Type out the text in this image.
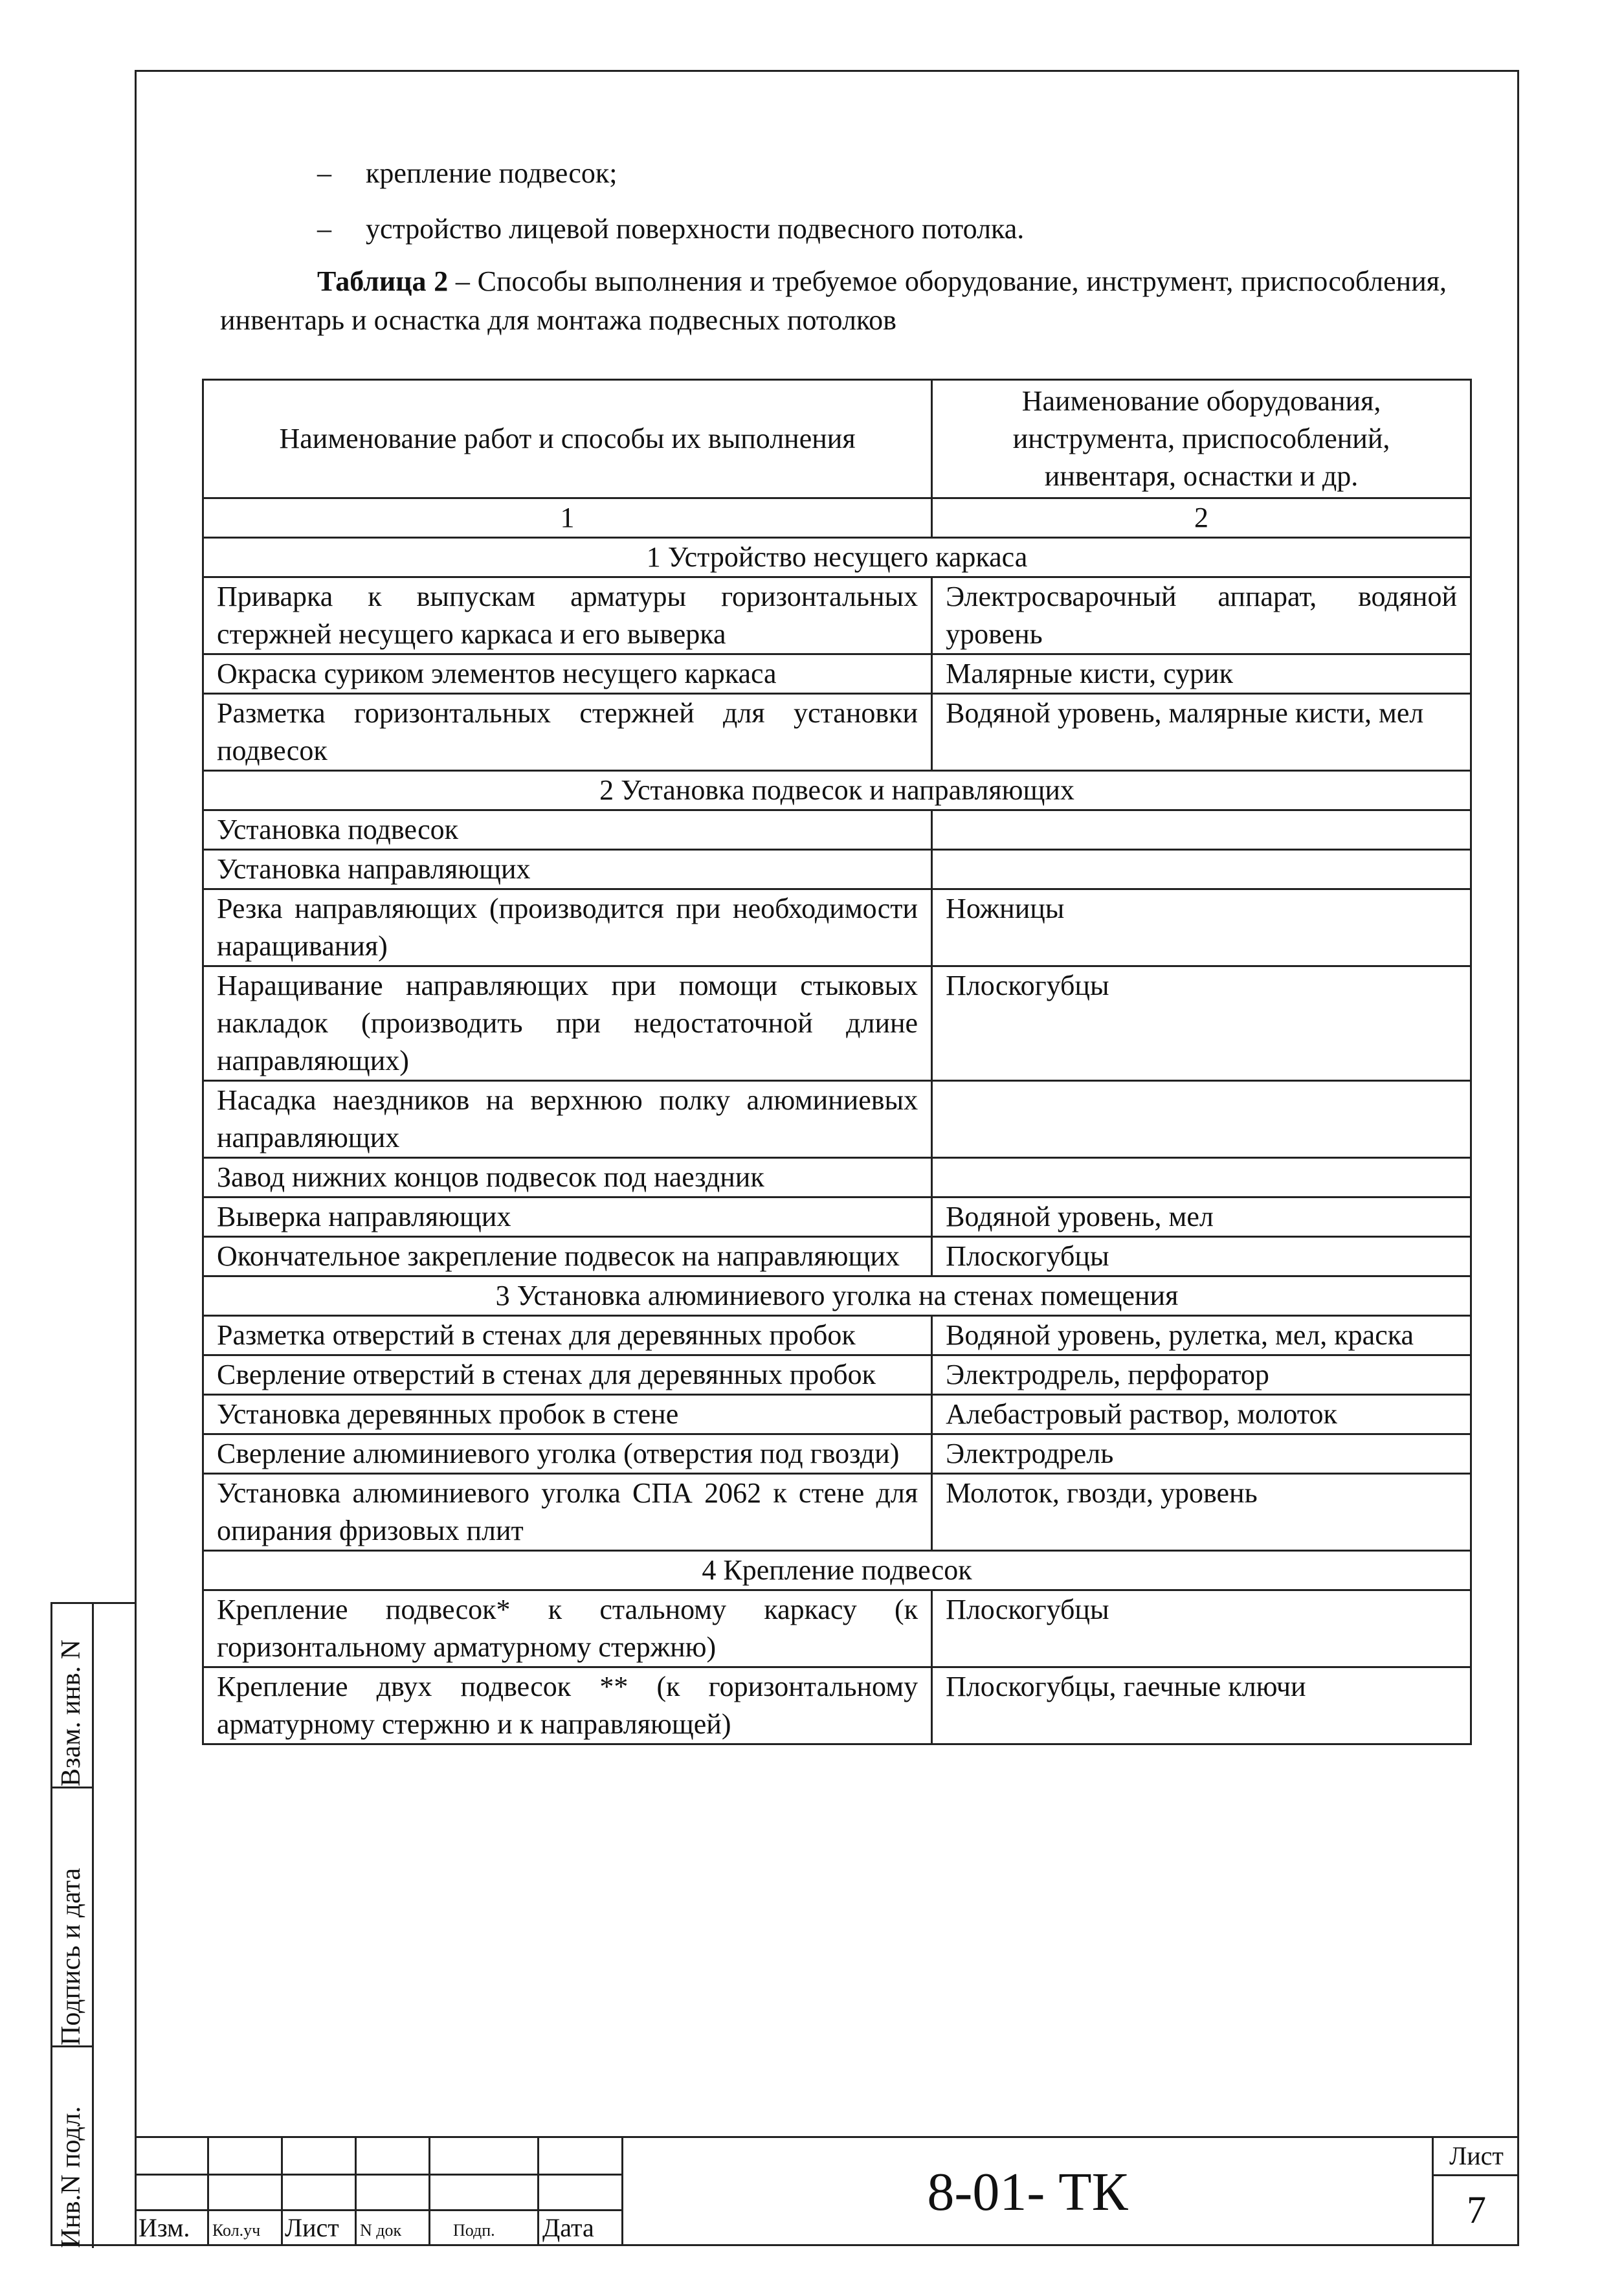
– крепление подвесок;
– устройство лицевой поверхности подвесного потолка.
Таблица 2 – Способы выполнения и требуемое оборудование, инструмент, приспособления, инвентарь и оснастка для монтажа подвесных потолков
Наименование работ и способы их выполнения	Наименование оборудования, инструмента, приспособлений, инвентаря, оснастки и др.
1	2
1 Устройство несущего каркаса	
Приварка к выпускам арматуры горизонтальных стержней несущего каркаса и его выверка	Электросварочный аппарат, водяной уровень
Окраска суриком элементов несущего каркаса	Малярные кисти, сурик
Разметка горизонтальных стержней для установки подвесок	Водяной уровень, малярные кисти, мел
2 Установка подвесок и направляющих	
Установка подвесок	
Установка направляющих	
Резка направляющих (производится при необходимости наращивания)	Ножницы
Наращивание направляющих при помощи стыковых накладок (производить при недостаточной длине направляющих)	Плоскогубцы
Насадка наездников на верхнюю полку алюминиевых направляющих	
Завод нижних концов подвесок под наездник	
Выверка направляющих	Водяной уровень, мел
Окончательное закрепление подвесок на направляющих	Плоскогубцы
3 Установка алюминиевого уголка на стенах помещения	
Разметка отверстий в стенах для деревянных пробок	Водяной уровень, рулетка, мел, краска
Сверление отверстий в стенах для деревянных пробок	Электродрель, перфоратор
Установка деревянных пробок в стене	Алебастровый раствор, молоток
Сверление алюминиевого уголка (отверстия под гвозди)	Электродрель
Установка алюминиевого уголка СПА 2062 к стене для опирания фризовых плит	Молоток, гвозди, уровень
4 Крепление подвесок	
Крепление подвесок* к стальному каркасу (к горизонтальному арматурному стержню)	Плоскогубцы
Крепление двух подвесок ** (к горизонтальному арматурному стержню и к направляющей)	Плоскогубцы, гаечные ключи
Взам. инв. N
Подпись и дата
Инв.N подл. Изм. Кол.уч Лист N док	Подп. Дата
8-01- ТК
Лист
7
